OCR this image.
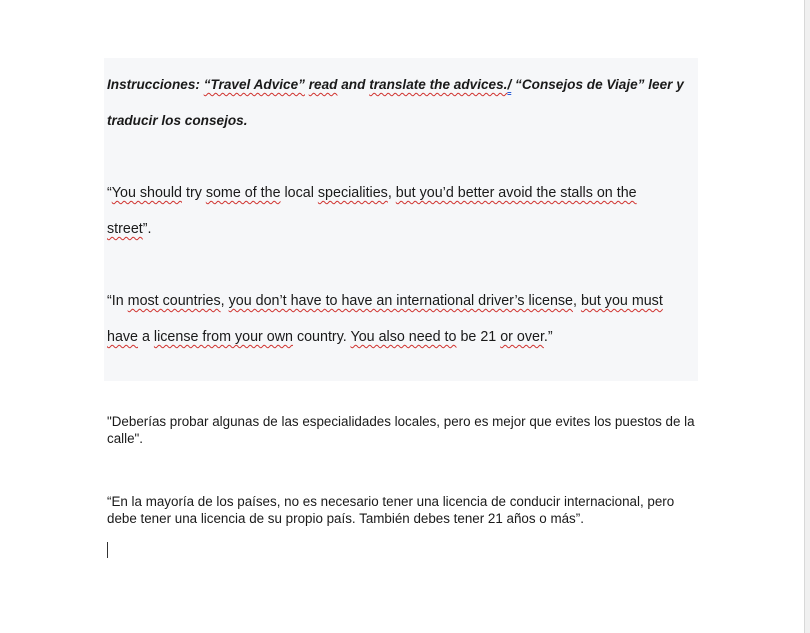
Instrucciones: “Travel Advice” read and translate the advices./ “Consejos de Viaje” leer y
traducir los consejos.
“You should try some of the local specialities, but you’d better avoid the stalls on the
street”.
“In most countries, you don’t have to have an international driver’s license, but you must
have a license from your own country. You also need to be 21 or over.”
"Deberías probar algunas de las especialidades locales, pero es mejor que evites los puestos de la
calle".
“En la mayoría de los países, no es necesario tener una licencia de conducir internacional, pero
debe tener una licencia de su propio país. También debes tener 21 años o más”.
